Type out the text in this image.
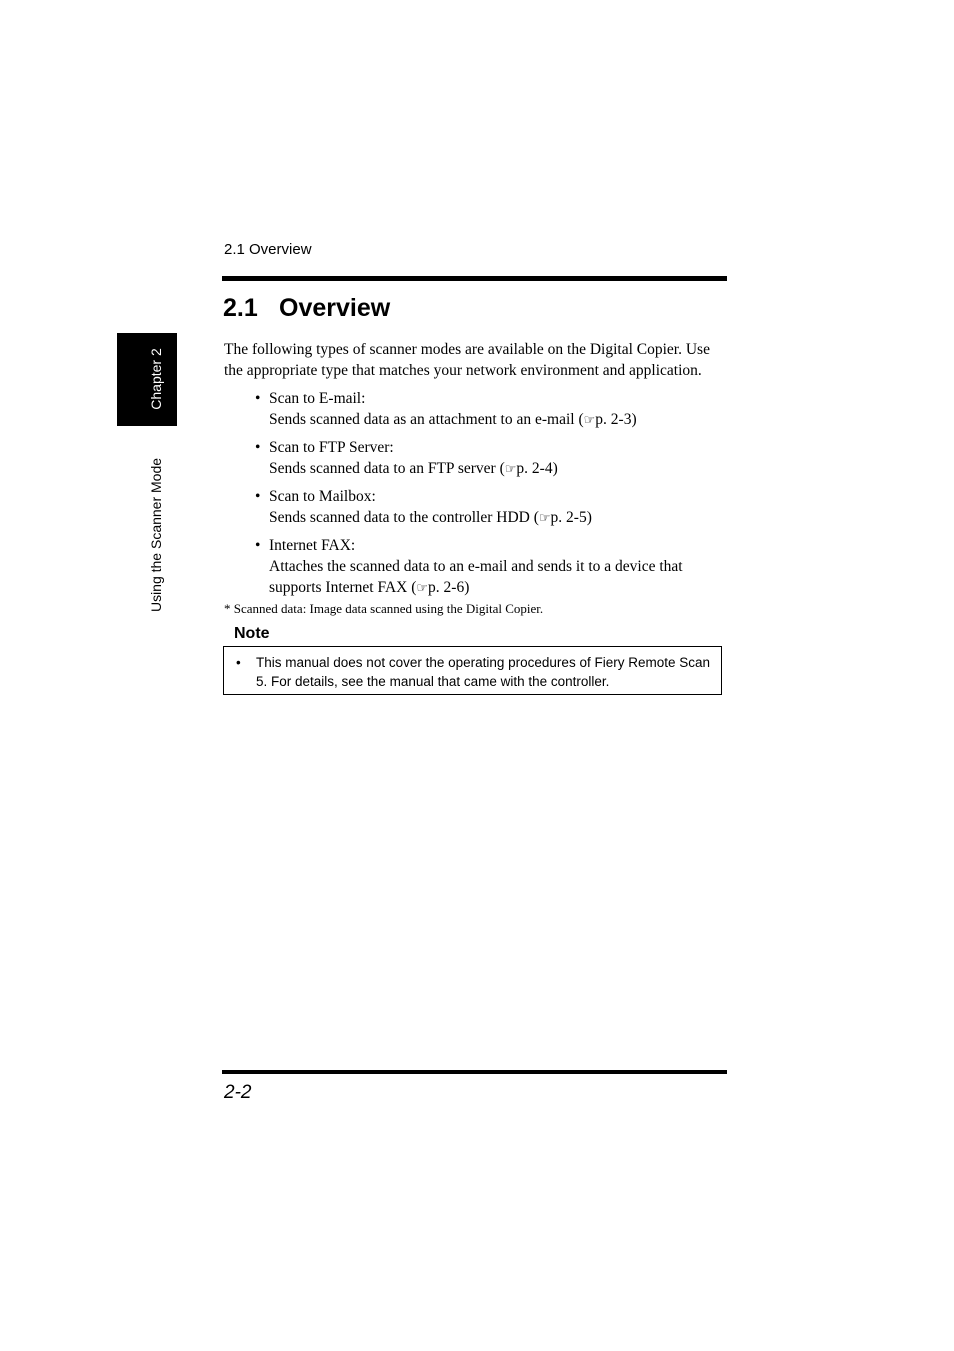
2.1 Overview
2.1 Overview
Chapter 2
Using the Scanner Mode

The following types of scanner modes are available on the Digital Copier. Use the appropriate type that matches your network environment and application.

• Scan to E-mail:
Sends scanned data as an attachment to an e-mail (☞p. 2-3)
• Scan to FTP Server:
Sends scanned data to an FTP server (☞p. 2-4)
• Scan to Mailbox:
Sends scanned data to the controller HDD (☞p. 2-5)
• Internet FAX:
Attaches the scanned data to an e-mail and sends it to a device that supports Internet FAX (☞p. 2-6)

* Scanned data: Image data scanned using the Digital Copier.

Note

• This manual does not cover the operating procedures of Fiery Remote Scan 5. For details, see the manual that came with the controller.
2-2
